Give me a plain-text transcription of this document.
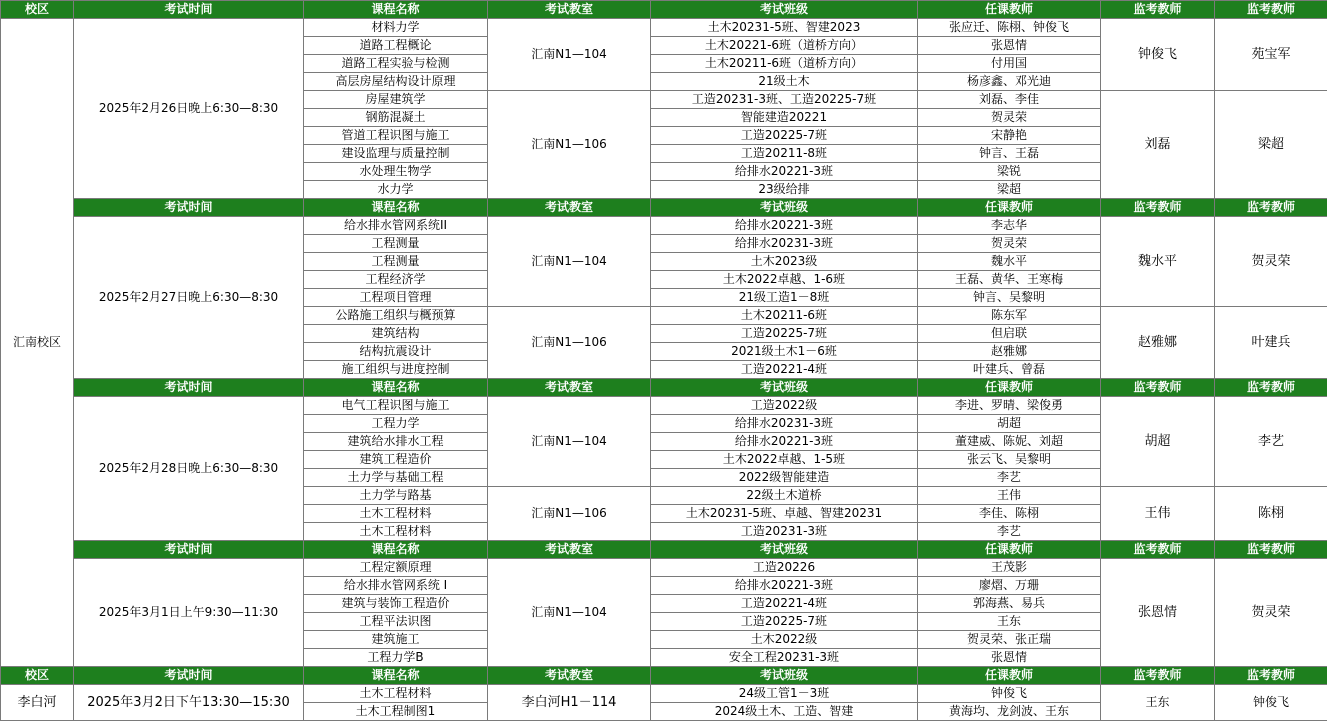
校区	考试时间	课程名称	考试教室	考试班级	任课教师	监考教师	监考教师
汇南校区	2025年2月26日晚上6:30—8:30	材料力学	汇南N1—104	土木20231-5班、智建2023	张应迁、陈栩、钟俊飞	钟俊飞	苑宝军
		道路工程概论		土木20221-6班（道桥方向）	张恩情		
		道路工程实验与检测		土木20211-6班（道桥方向）	付用国		
		高层房屋结构设计原理		21级土木	杨彦鑫、邓光迪		
		房屋建筑学	汇南N1—106	工造20231-3班、工造20225-7班	刘磊、李佳	刘磊	梁超
		钢筋混凝土		智能建造20221	贺灵荣		
		管道工程识图与施工		工造20225-7班	宋静艳		
		建设监理与质量控制		工造20211-8班	钟言、王磊		
		水处理生物学		给排水20221-3班	梁锐		
		水力学		23级给排	梁超		
	考试时间	课程名称	考试教室	考试班级	任课教师	监考教师	监考教师
	2025年2月27日晚上6:30—8:30	给水排水管网系统II	汇南N1—104	给排水20221-3班	李志华	魏水平	贺灵荣
		工程测量		给排水20231-3班	贺灵荣		
		工程测量		土木2023级	魏水平		
		工程经济学		土木2022卓越、1-6班	王磊、黄华、王寒梅		
		工程项目管理		21级工造1－8班	钟言、吴黎明		
		公路施工组织与概预算	汇南N1—106	土木20211-6班	陈东军	赵雅娜	叶建兵
		建筑结构		工造20225-7班	但启联		
		结构抗震设计		2021级土木1－6班	赵雅娜		
		施工组织与进度控制		工造20221-4班	叶建兵、曾磊		
	考试时间	课程名称	考试教室	考试班级	任课教师	监考教师	监考教师
	2025年2月28日晚上6:30—8:30	电气工程识图与施工	汇南N1—104	工造2022级	李进、罗晴、梁俊勇	胡超	李艺
		工程力学		给排水20231-3班	胡超		
		建筑给水排水工程		给排水20221-3班	董建威、陈妮、刘超		
		建筑工程造价		土木2022卓越、1-5班	张云飞、吴黎明		
		土力学与基础工程		2022级智能建造	李艺		
		土力学与路基	汇南N1—106	22级土木道桥	王伟	王伟	陈栩
		土木工程材料		土木20231-5班、卓越、智建20231	李佳、陈栩		
		土木工程材料		工造20231-3班	李艺		
	考试时间	课程名称	考试教室	考试班级	任课教师	监考教师	监考教师
	2025年3月1日上午9:30—11:30	工程定额原理	汇南N1—104	工造20226	王茂影	张恩情	贺灵荣
		给水排水管网系统 I		给排水20221-3班	廖熠、万珊		
		建筑与装饰工程造价		工造20221-4班	郭海燕、易兵		
		工程平法识图		工造20225-7班	王东		
		建筑施工		土木2022级	贺灵荣、张正瑞		
		工程力学B		安全工程20231-3班	张恩情		
校区	考试时间	课程名称	考试教室	考试班级	任课教师	监考教师	监考教师
李白河	2025年3月2日下午13:30—15:30	土木工程材料	李白河H1－114	24级工管1－3班	钟俊飞	王东	钟俊飞
		土木工程制图1		2024级土木、工造、智建	黄海均、龙剑波、王东		
